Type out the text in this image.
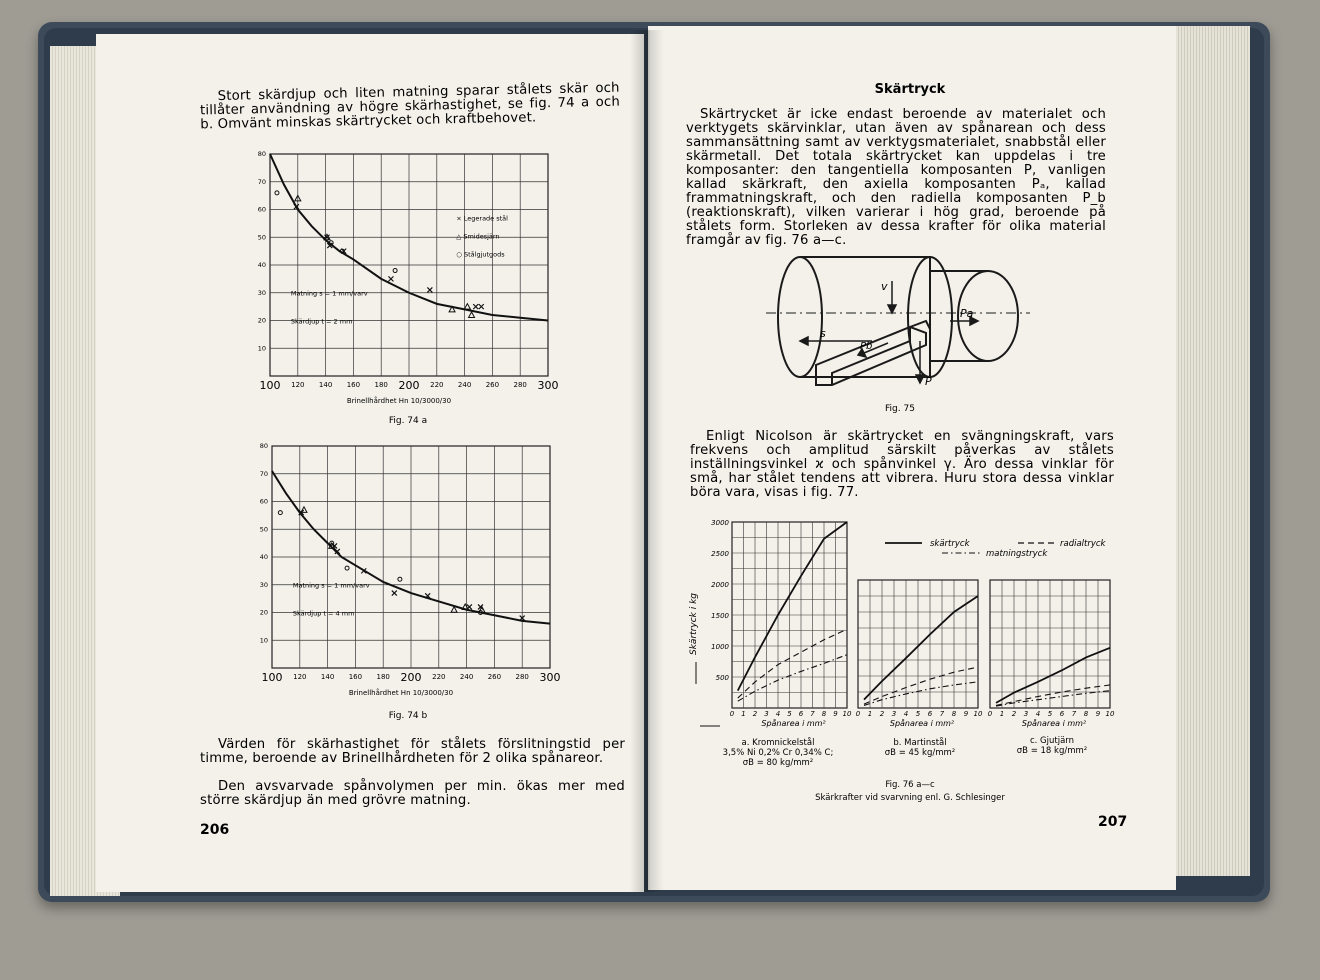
Stort skärdjup och liten matning sparar stålets skär och tillåter användning av högre skärhastighet, se fig. 74 a och b. Omvänt minskas skärtrycket och kraftbehovet.
100 120 140 160 180 200 220 240 260 280 300
10
20
30
40
50
60
70
80
Brinellhårdhet Hn 10/3000/30
× Legerade stål
△ Smidesjärn
○ Stålgjutgods
Matning s = 1 mm/varv
Skärdjup t = 2 mm
Fig. 74 a
100 120 140 160 180 200 220 240 260 280 300
10
20
30
40
50
60
70
80
Brinellhårdhet Hn 10/3000/30
Matning s = 1 mm/varv
Skärdjup t = 4 mm
Fig. 74 b
Värden för skärhastighet för stålets förslitningstid per timme, beroende av Brinellhårdheten för 2 olika spånareor.
Den avsvarvade spånvolymen per min. ökas mer med större skärdjup än med grövre matning.
206
Skärtryck
Skärtrycket är icke endast beroende av materialet och verktygets skärvinklar, utan även av spånarean och dess sammansättning samt av verktygsmaterialet, snabbstål eller skärmetall. Det totala skärtrycket kan uppdelas i tre komposanter: den tangentiella komposanten P, vanligen kallad skärkraft, den axiella komposanten Pₐ, kallad frammatningskraft, och den radiella komposanten P_b (reaktionskraft), vilken varierar i hög grad, beroende på stålets form. Storleken av dessa krafter för olika material framgår av fig. 76 a—c.
v
Pa
s
Pb
P
Fig. 75
Enligt Nicolson är skärtrycket en svängningskraft, vars frekvens och amplitud särskilt påverkas av stålets inställningsvinkel ϰ och spånvinkel γ. Äro dessa vinklar för små, har stålet tendens att vibrera. Huru stora dessa vinklar böra vara, visas i fig. 77.
0 1 2 3 4 5 6 7 8 9 10
500
1000
1500
2000
2500
3000
Spånarea i mm²
Skärtryck i kg
0 1 2 3 4 5 6 7 8 9 10
Spånarea i mm²
0 1 2 3 4 5 6 7 8 9 10
Spånarea i mm²
skärtryck	radialtryck
matningstryck
a. Kromnickelstål
3,5% Ni 0,2% Cr 0,34% C;
σB = 80 kg/mm²
b. Martinstål
σB = 45 kg/mm²
c. Gjutjärn
σB = 18 kg/mm²
Fig. 76 a—c
Skärkrafter vid svarvning enl. G. Schlesinger
207
